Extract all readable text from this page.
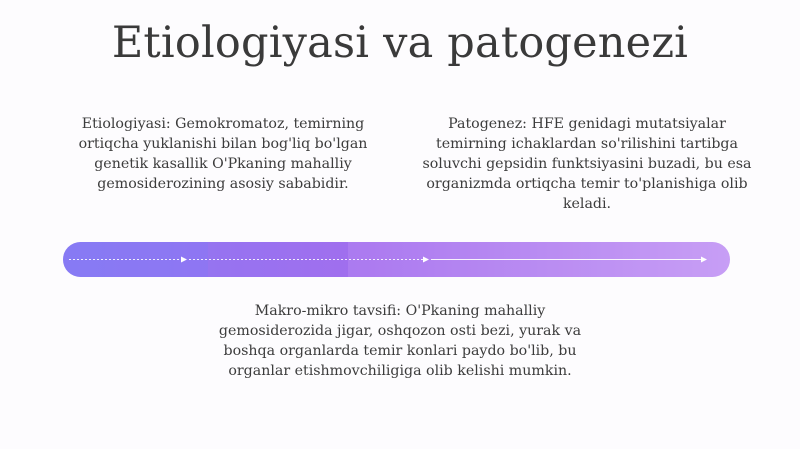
Etiologiyasi va patogenezi
Etiologiyasi: Gemokromatoz, temirning ortiqcha yuklanishi bilan bog'liq bo'lgan genetik kasallik O'Pkaning mahalliy gemosiderozining asosiy sababidir.
Patogenez: HFE genidagi mutatsiyalar temirning ichaklardan so'rilishini tartibga soluvchi gepsidin funktsiyasini buzadi, bu esa organizmda ortiqcha temir to'planishiga olib keladi.
Makro-mikro tavsifi: O'Pkaning mahalliy gemosiderozida jigar, oshqozon osti bezi, yurak va boshqa organlarda temir konlari paydo bo'lib, bu organlar etishmovchiligiga olib kelishi mumkin.
